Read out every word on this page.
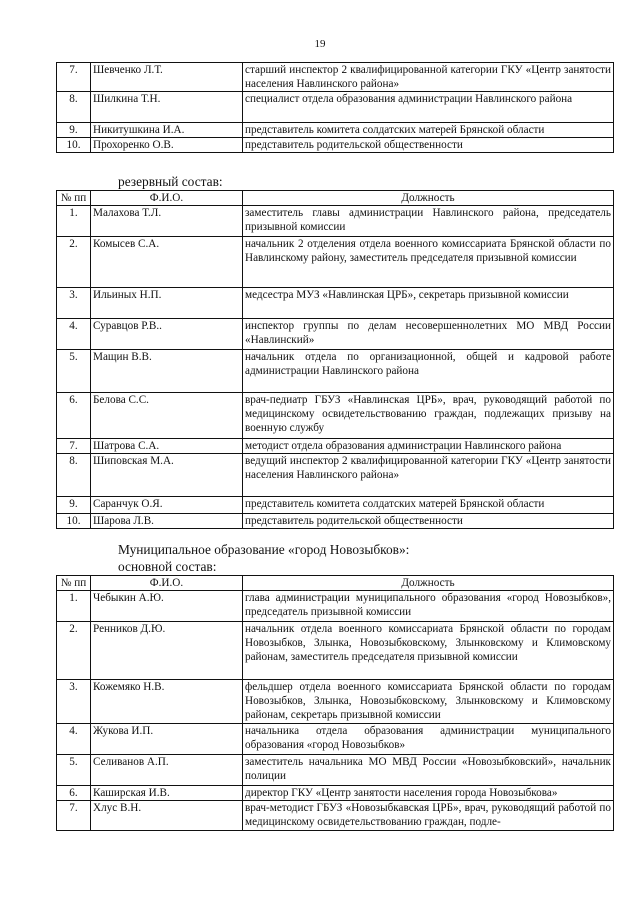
19
7.	Шевченко Л.Т.	старший инспектор 2 квалифицированной категории ГКУ «Центр занятости населения Навлинского района»
8.	Шилкина Т.Н.	специалист отдела образования администрации Навлинского района
9.	Никитушкина И.А.	представитель комитета солдатских матерей Брянской области
10.	Прохоренко О.В.	представитель родительской общественности
резервный состав:
№ пп	Ф.И.О.	Должность
1.	Малахова Т.Л.	заместитель главы администрации Навлинского района, председатель призывной комиссии
2.	Комысев С.А.	начальник 2 отделения отдела военного комиссариата Брянской области по Навлинскому району, заместитель председателя призывной комиссии
3.	Ильиных Н.П.	медсестра МУЗ «Навлинская ЦРБ», секретарь призывной комиссии
4.	Суравцов Р.В..	инспектор группы по делам несовершеннолетних МО МВД России «Навлинский»
5.	Мащин В.В.	начальник отдела по организационной, общей и кадровой работе администрации Навлинского района
6.	Белова С.С.	врач-педиатр ГБУЗ «Навлинская ЦРБ», врач, руководящий работой по медицинскому освидетельствованию граждан, подлежащих призыву на военную службу
7.	Шатрова С.А.	методист отдела образования администрации Навлинского района
8.	Шиповская М.А.	ведущий инспектор 2 квалифицированной категории ГКУ «Центр занятости населения Навлинского района»
9.	Саранчук О.Я.	представитель комитета солдатских матерей Брянской области
10.	Шарова Л.В.	представитель родительской общественности
Муниципальное образование «город Новозыбков»:
основной состав:
№ пп	Ф.И.О.	Должность
1.	Чебыкин А.Ю.	глава администрации муниципального образования «город Новозыбков», председатель призывной комиссии
2.	Ренников Д.Ю.	начальник отдела военного комиссариата Брянской области по городам Новозыбков, Злынка, Новозыбковскому, Злынковскому и Климовскому районам, заместитель председателя призывной комиссии
3.	Кожемяко Н.В.	фельдшер отдела военного комиссариата Брянской области по городам Новозыбков, Злынка, Новозыбковскому, Злынковскому и Климовскому районам, секретарь призывной комиссии
4.	Жукова И.П.	начальника отдела образования администрации муниципального образования «город Новозыбков»
5.	Селиванов А.П.	заместитель начальника МО МВД России «Новозыбковский», начальник полиции
6.	Каширская И.В.	директор ГКУ «Центр занятости населения города Новозыбкова»
7.	Хлус В.Н.	врач-методист ГБУЗ «Новозыбкавская ЦРБ», врач, руководящий работой по медицинскому освидетельствованию граждан, подле-
